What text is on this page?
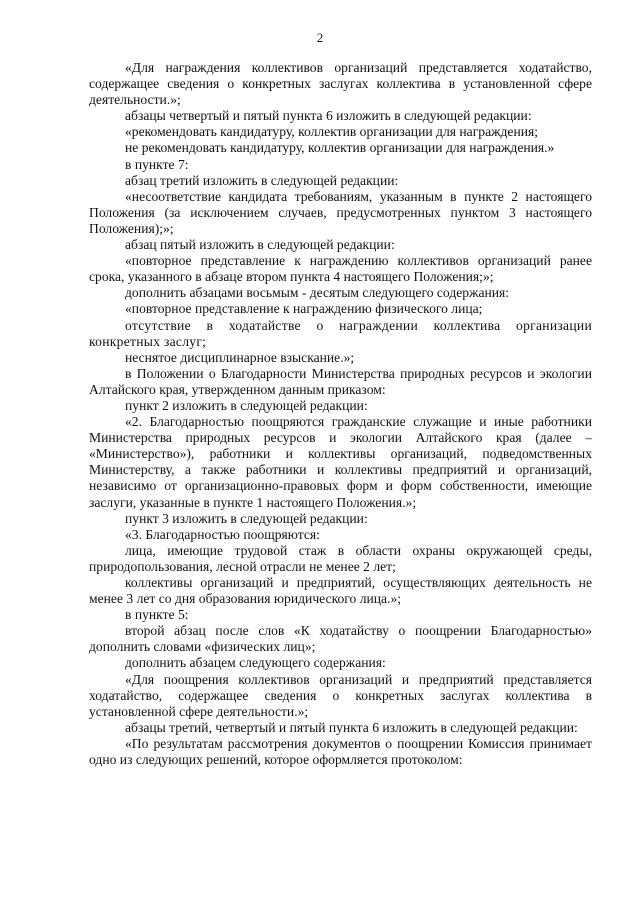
2

«Для награждения коллективов организаций представляется ходатайство, содержащее сведения о конкретных заслугах коллектива в установленной сфере деятельности.»;

абзацы четвертый и пятый пункта 6 изложить в следующей редакции:

«рекомендовать кандидатуру, коллектив организации для награждения;

не рекомендовать кандидатуру, коллектив организации для награждения.»

в пункте 7:

абзац третий изложить в следующей редакции:

«несоответствие кандидата требованиям, указанным в пункте 2 настоящего Положения (за исключением случаев, предусмотренных пунктом 3 настоящего Положения);»;

абзац пятый изложить в следующей редакции:

«повторное представление к награждению коллективов организаций ранее срока, указанного в абзаце втором пункта 4 настоящего Положения;»;

дополнить абзацами восьмым - десятым следующего содержания:

«повторное представление к награждению физического лица;

отсутствие в ходатайстве о награждении коллектива организации конкретных заслуг;

неснятое дисциплинарное взыскание.»;

в Положении о Благодарности Министерства природных ресурсов и экологии Алтайского края, утвержденном данным приказом:

пункт 2 изложить в следующей редакции:

«2. Благодарностью поощряются гражданские служащие и иные работники Министерства природных ресурсов и экологии Алтайского края (далее – «Министерство»), работники и коллективы организаций, подведомственных Министерству, а также работники и коллективы предприятий и организаций, независимо от организационно-правовых форм и форм собственности, имеющие заслуги, указанные в пункте 1 настоящего Положения.»;

пункт 3 изложить в следующей редакции:

«3. Благодарностью поощряются:

лица, имеющие трудовой стаж в области охраны окружающей среды, природопользования, лесной отрасли не менее 2 лет;

коллективы организаций и предприятий, осуществляющих деятельность не менее 3 лет со дня образования юридического лица.»;

в пункте 5:

второй абзац после слов «К ходатайству о поощрении Благодарностью» дополнить словами «физических лиц»;

дополнить абзацем следующего содержания:

«Для поощрения коллективов организаций и предприятий представляется ходатайство, содержащее сведения о конкретных заслугах коллектива в установленной сфере деятельности.»;

абзацы третий, четвертый и пятый пункта 6 изложить в следующей редакции:

«По результатам рассмотрения документов о поощрении Комиссия принимает одно из следующих решений, которое оформляется протоколом:
